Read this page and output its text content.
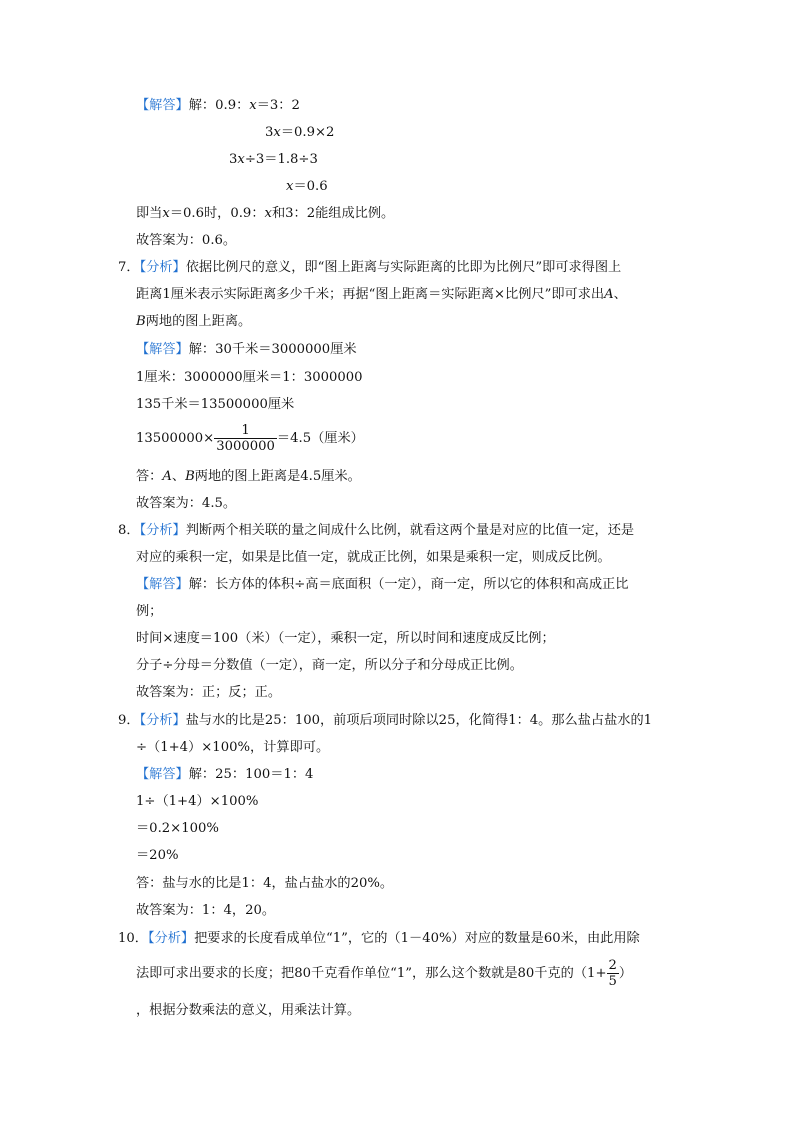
【解答】解：0.9：x＝3：2
3x＝0.9×2
3x÷3＝1.8÷3
x＝0.6
即当x＝0.6时，0.9：x和3：2能组成比例。
故答案为：0.6。
7．【分析】依据比例尺的意义，即“图上距离与实际距离的比即为比例尺”即可求得图上
距离1厘米表示实际距离多少千米；再据“图上距离＝实际距离×比例尺”即可求出A、
B两地的图上距离。
【解答】解：30千米＝3000000厘米
1厘米：3000000厘米＝1：3000000
135千米＝13500000厘米
$13500000\times \frac{1}{3000000} =4.5$（厘米）
答：A、B两地的图上距离是4.5厘米。
故答案为：4.5。
8．【分析】判断两个相关联的量之间成什么比例，就看这两个量是对应的比值一定，还是
对应的乘积一定，如果是比值一定，就成正比例，如果是乘积一定，则成反比例。
【解答】解：长方体的体积÷高＝底面积（一定），商一定，所以它的体积和高成正比
例；
时间×速度＝100（米）（一定），乘积一定，所以时间和速度成反比例；
分子÷分母＝分数值（一定），商一定，所以分子和分母成正比例。
故答案为：正；反；正。
9．【分析】盐与水的比是25：100，前项后项同时除以25，化简得1：4。那么盐占盐水的1
÷（1+4）×100%，计算即可。
【解答】解：25：100＝1：4
1÷（1+4）×100%
＝0.2×100%
＝20%
答：盐与水的比是1：4，盐占盐水的20%。
故答案为：1：4，20。
10．【分析】把要求的长度看成单位“1”，它的（1－40%）对应的数量是60米，由此用除
法即可求出要求的长度；把80千克看作单位“1”，那么这个数就是80千克的（$1+ \frac{2}{5}$ ）
，根据分数乘法的意义，用乘法计算。
